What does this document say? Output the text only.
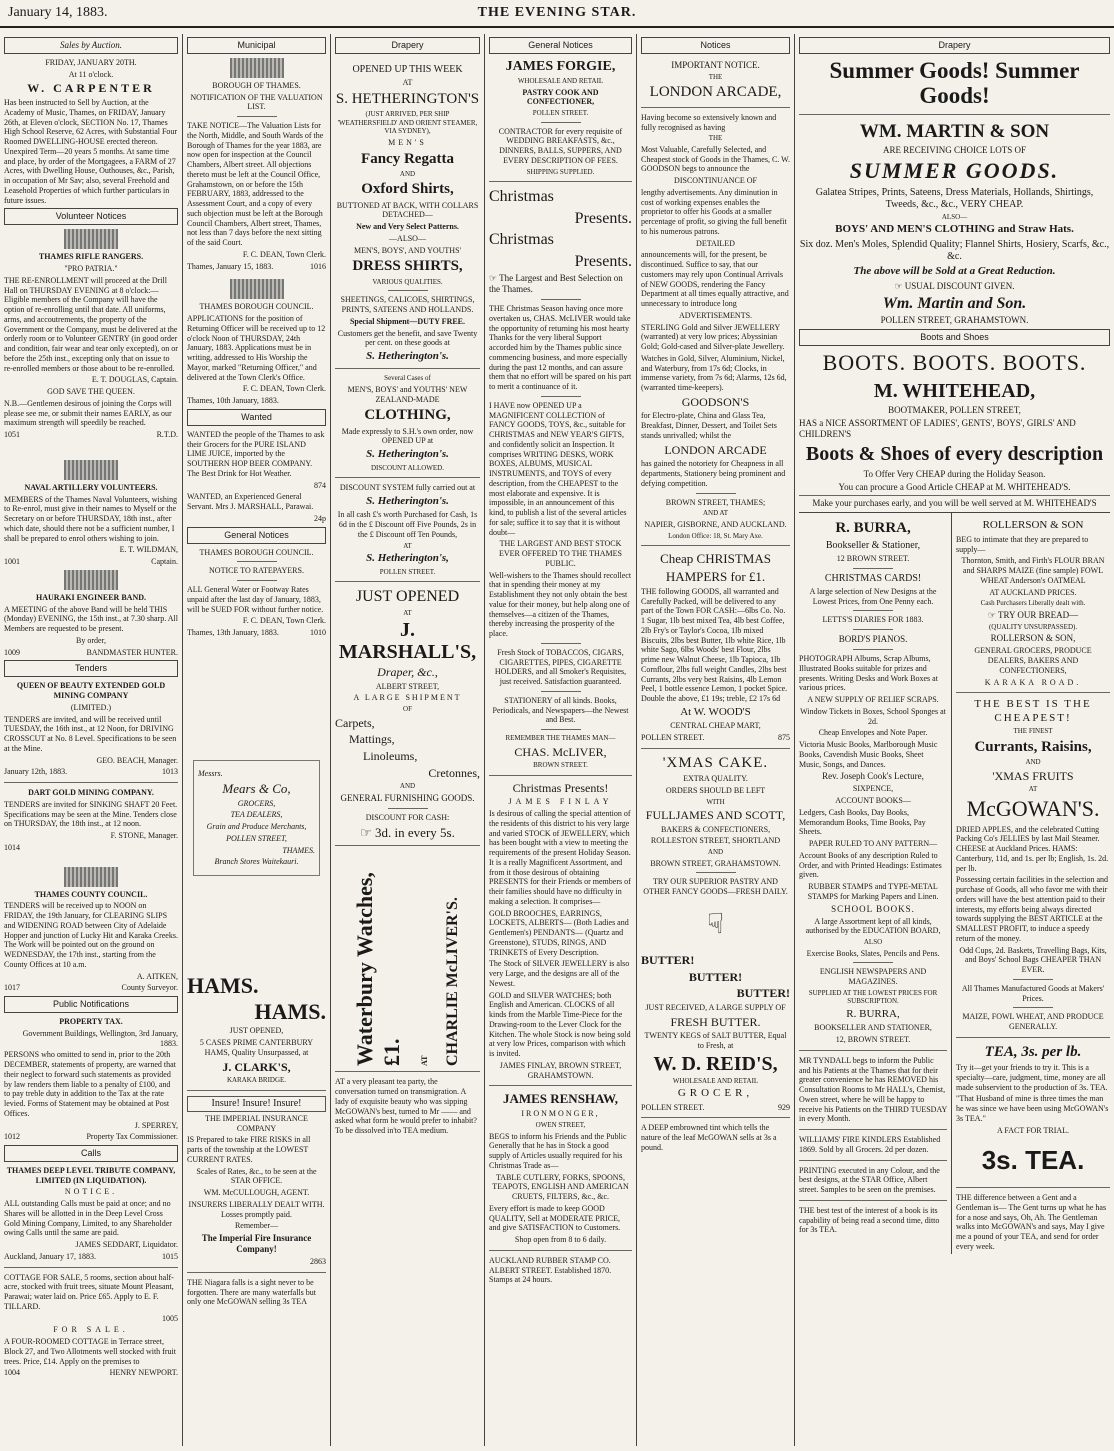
January 14, 1883.	THE EVENING STAR.
Sales by Auction.

FRIDAY, JANUARY 20TH.

At 11 o'clock.

W. CARPENTER

Has been instructed to Sell by Auction, at the Academy of Music, Thames, on FRIDAY, January 26th, at Eleven o'clock, SECTION No. 17, Thames High School Reserve, 62 Acres, with Substantial Four Roomed DWELLING-HOUSE erected thereon. Unexpired Term—20 years 5 months. At same time and place, by order of the Mortgagees, a FARM of 27 Acres, with Dwelling House, Outhouses, &c., Parish, in occupation of Mr Sav; also, several Freehold and Leasehold Properties of which further particulars in future issues.

Volunteer Notices

THAMES RIFLE RANGERS.

"PRO PATRIA."

THE RE-ENROLLMENT will proceed at the Drill Hall on THURSDAY EVENING at 8 o'clock:— Eligible members of the Company will have the option of re-enrolling until that date. All uniforms, arms, and accoutrements, the property of the Government or the Company, must be delivered at the orderly room or to Volunteer GENTRY (in good order and condition, fair wear and tear only excepted), on or before the 25th inst., excepting only that on issue to re-enrolled members or those about to be re-enrolled.

E. T. DOUGLAS, Captain.

GOD SAVE THE QUEEN.

N.B.—Gentlemen desirous of joining the Corps will please see me, or submit their names EARLY, as our maximum strength will speedily be reached.

1051	R.T.D.

NAVAL ARTILLERY VOLUNTEERS.

MEMBERS of the Thames Naval Volunteers, wishing to Re-enrol, must give in their names to Myself or the Secretary on or before THURSDAY, 18th inst., after which date, should there not be a sufficient number, I shall be prepared to enrol others wishing to join.

E. T. WILDMAN,

1001	Captain.

HAURAKI ENGINEER BAND.

A MEETING of the above Band will be held THIS (Monday) EVENING, the 15th inst., at 7.30 sharp. All Members are requested to be present.

By order,

1009	BANDMASTER HUNTER.

Tenders

QUEEN OF BEAUTY EXTENDED GOLD MINING COMPANY

(LIMITED.)

TENDERS are invited, and will be received until TUESDAY, the 16th inst., at 12 Noon, for DRIVING CROSSCUT at No. 8 Level. Specifications to be seen at the Mine.

GEO. BEACH, Manager.

January 12th, 1883.	1013

DART GOLD MINING COMPANY.

TENDERS are invited for SINKING SHAFT 20 Feet. Specifications may be seen at the Mine. Tenders close on THURSDAY, the 18th inst., at 12 noon.

F. STONE, Manager.

1014

THAMES COUNTY COUNCIL.

TENDERS will be received up to NOON on FRIDAY, the 19th January, for CLEARING SLIPS and WIDENING ROAD between City of Adelaide Hopper and junction of Lucky Hit and Karaka Creeks. The Work will be pointed out on the ground on WEDNESDAY, the 17th inst., starting from the County Offices at 10 a.m.

A. AITKEN,

1017	County Surveyor.

Public Notifications

PROPERTY TAX.

Government Buildings, Wellington, 3rd January, 1883.

PERSONS who omitted to send in, prior to the 20th DECEMBER, statements of property, are warned that their neglect to forward such statements as provided by law renders them liable to a penalty of £100, and to pay treble duty in addition to the Tax at the rate levied. Forms of Statement may be obtained at Post Offices.

J. SPERREY,

1012	Property Tax Commissioner.

Calls

THAMES DEEP LEVEL TRIBUTE COMPANY, LIMITED (IN LIQUIDATION).

NOTICE.

ALL outstanding Calls must be paid at once; and no Shares will be allotted in in the Deep Level Cross Gold Mining Company, Limited, to any Shareholder owing Calls until the same are paid.

JAMES SEDDART, Liquidator.

Auckland, January 17, 1883.	1015

COTTAGE FOR SALE, 5 rooms, section about half-acre, stocked with fruit trees, situate Mount Pleasant, Parawai; water laid on. Price £65. Apply to E. F. TILLARD.

1005

FOR SALE.

A FOUR-ROOMED COTTAGE in Terrace street, Block 27, and Two Allotments well stocked with fruit trees. Price, £14. Apply on the premises to

1004	HENRY NEWPORT.

Municipal

BOROUGH OF THAMES.

NOTIFICATION OF THE VALUATION LIST.

TAKE NOTICE—The Valuation Lists for the North, Middle, and South Wards of the Borough of Thames for the year 1883, are now open for inspection at the Council Chambers, Albert street. All objections thereto must be left at the Council Office, Grahamstown, on or before the 15th FEBRUARY, 1883, addressed to the Assessment Court, and a copy of every such objection must be left at the Borough Council Chambers, Albert street, Thames, not less than 7 days before the next sitting of the said Court.

F. C. DEAN, Town Clerk.

Thames, January 15, 1883.	1016

THAMES BOROUGH COUNCIL.

APPLICATIONS for the position of Returning Officer will be received up to 12 o'clock Noon of THURSDAY, 24th January, 1883. Applications must be in writing, addressed to His Worship the Mayor, marked "Returning Officer," and delivered at the Town Clerk's Office.

F. C. DEAN, Town Clerk.

Thames, 10th January, 1883.

Wanted

WANTED the people of the Thames to ask their Grocers for the PURE ISLAND LIME JUICE, imported by the SOUTHERN HOP BEER COMPANY. The Best Drink for Hot Weather.

874

WANTED, an Experienced General Servant. Mrs J. MARSHALL, Parawai.

24p

General Notices

THAMES BOROUGH COUNCIL.

NOTICE TO RATEPAYERS.

ALL General Water or Footway Rates unpaid after the last day of January, 1883, will be SUED FOR without further notice.

F. C. DEAN, Town Clerk.

Thames, 13th January, 1883.	1010

Messrs.

Mears & Co,

GROCERS,

TEA DEALERS,

Grain and Produce Merchants,

POLLEN STREET,

THAMES.

Branch Stores Waitekauri.

HAMS.

HAMS.

JUST OPENED,

5 CASES PRIME CANTERBURY HAMS, Quality Unsurpassed, at

J. CLARK'S,

KARAKA BRIDGE.

Insure! Insure! Insure!

THE IMPERIAL INSURANCE COMPANY

IS Prepared to take FIRE RISKS in all parts of the township at the LOWEST CURRENT RATES.

Scales of Rates, &c., to be seen at the STAR OFFICE.

WM. McCULLOUGH, AGENT.

INSURERS LIBERALLY DEALT WITH. Losses promptly paid.

Remember—

The Imperial Fire Insurance Company!

2863

THE Niagara falls is a sight never to be forgotten. There are many waterfalls but only one McGOWAN selling 3s TEA

Drapery

OPENED UP THIS WEEK

AT

S. HETHERINGTON'S

(JUST ARRIVED, PER SHIP 'WEATHERSFIELD' AND ORIENT STEAMER, VIA SYDNEY),

MEN'S

Fancy Regatta

AND

Oxford Shirts,

BUTTONED AT BACK, WITH COLLARS DETACHED—

New and Very Select Patterns.

—ALSO—

MEN'S, BOYS', AND YOUTHS'

DRESS SHIRTS,

VARIOUS QUALITIES.

SHEETINGS, CALICOES, SHIRTINGS, PRINTS, SATEENS AND HOLLANDS.

Special Shipment—DUTY FREE.

Customers get the benefit, and save Twenty per cent. on these goods at

S. Hetherington's.

Several Cases of

MEN'S, BOYS' and YOUTHS' NEW ZEALAND-MADE

CLOTHING,

Made expressly to S.H.'s own order, now OPENED UP at

S. Hetherington's.

DISCOUNT ALLOWED.

DISCOUNT SYSTEM fully carried out at

S. Hetherington's.

In all cash £'s worth Purchased for Cash, 1s 6d in the £ Discount off Five Pounds, 2s in the £ Discount off Ten Pounds,

AT

S. Hetherington's,

POLLEN STREET.

JUST OPENED

AT

J. MARSHALL'S,

Draper, &c.,

ALBERT STREET,

A LARGE SHIPMENT

OF

Carpets,

Mattings,

Linoleums,

Cretonnes,

AND

GENERAL FURNISHING GOODS.

DISCOUNT FOR CASH:

☞ 3d. in every 5s.

Waterbury Watches, £1. AT CHARLIE McLIVER'S.

AT a very pleasant tea party, the conversation turned on transmigration. A lady of exquisite beauty who was sipping McGOWAN's best, turned to Mr —— and asked what form he would prefer to inhabit? To be dissolved in'to TEA medium.

General Notices

JAMES FORGIE,

WHOLESALE AND RETAIL

PASTRY COOK AND CONFECTIONER,

POLLEN STREET.

CONTRACTOR for every requisite of WEDDING BREAKFASTS, &c., DINNERS, BALLS, SUPPERS, AND EVERY DESCRIPTION OF FEES.

SHIPPING SUPPLIED.

Christmas

Presents.

Christmas

Presents.

☞ The Largest and Best Selection on the Thames.

THE Christmas Season having once more overtaken us, CHAS. McLIVER would take the opportunity of returning his most hearty Thanks for the very liberal Support accorded him by the Thames public since commencing business, and more especially during the past 12 months, and can assure them that no effort will be spared on his part to merit a continuance of it.

I HAVE now OPENED UP a MAGNIFICENT COLLECTION of FANCY GOODS, TOYS, &c., suitable for CHRISTMAS and NEW YEAR'S GIFTS, and confidently solicit an Inspection. It comprises WRITING DESKS, WORK BOXES, ALBUMS, MUSICAL INSTRUMENTS, and TOYS of every description, from the CHEAPEST to the most elaborate and expensive. It is impossible, in an announcement of this kind, to publish a list of the several articles for sale; suffice it to say that it is without doubt—

THE LARGEST AND BEST STOCK EVER OFFERED TO THE THAMES PUBLIC.

Well-wishers to the Thames should recollect that in spending their money at my Establishment they not only obtain the best value for their money, but help along one of themselves—a citizen of the Thames, thereby increasing the prosperity of the place.

Fresh Stock of TOBACCOS, CIGARS, CIGARETTES, PIPES, CIGARETTE HOLDERS, and all Smoker's Requisites, just received. Satisfaction guaranteed.

STATIONERY of all kinds. Books, Periodicals, and Newspapers—the Newest and Best.

REMEMBER THE THAMES MAN—

CHAS. McLIVER,

BROWN STREET.

Christmas Presents!

JAMES FINLAY

Is desirous of calling the special attention of the residents of this district to his very large and varied STOCK of JEWELLERY, which has been bought with a view to meeting the requirements of the present Holiday Season. It is a really Magnificent Assortment, and from it those desirous of obtaining PRESENTS for their Friends or members of their families should have no difficulty in making a selection. It comprises—

GOLD BROOCHES, EARRINGS, LOCKETS, ALBERTS— (Both Ladies and Gentlemen's) PENDANTS— (Quartz and Greenstone), STUDS, RINGS, AND TRINKETS of Every Description.

The Stock of SILVER JEWELLERY is also very Large, and the designs are all of the Newest.

GOLD and SILVER WATCHES; both English and American. CLOCKS of all kinds from the Marble Time-Piece for the Drawing-room to the Lever Clock for the Kitchen. The whole Stock is now being sold at very low Prices, comparison with which is invited.

JAMES FINLAY, BROWN STREET, GRAHAMSTOWN.

JAMES RENSHAW,

IRONMONGER,

OWEN STREET,

BEGS to inform his Friends and the Public Generally that he has in Stock a good supply of Articles usually required for his Christmas Trade as—

TABLE CUTLERY, FORKS, SPOONS, TEAPOTS, ENGLISH AND AMERICAN CRUETS, FILTERS, &c., &c.

Every effort is made to keep GOOD QUALITY, Sell at MODERATE PRICE, and give SATISFACTION to Customers.

Shop open from 8 to 6 daily.

AUCKLAND RUBBER STAMP CO. ALBERT STREET. Established 1870. Stamps at 24 hours.

Notices

IMPORTANT NOTICE.

THE

LONDON ARCADE,

Having become so extensively known and fully recognised as having

THE

Most Valuable, Carefully Selected, and Cheapest stock of Goods in the Thames, C. W. GOODSON begs to announce the

DISCONTINUANCE OF

lengthy advertisements. Any diminution in cost of working expenses enables the proprietor to offer his Goods at a smaller percentage of profit, so giving the full benefit to his numerous patrons.

DETAILED

announcements will, for the present, be discontinued. Suffice to say, that our customers may rely upon Continual Arrivals of NEW GOODS, rendering the Fancy Department at all times equally attractive, and unnecessary to introduce long

ADVERTISEMENTS.

STERLING Gold and Silver JEWELLERY (warranted) at very low prices; Abyssinian Gold; Gold-cased and Silver-plate Jewellery.

Watches in Gold, Silver, Aluminium, Nickel, and Waterbury, from 17s 6d; Clocks, in immense variety, from 7s 6d; Alarms, 12s 6d, (warranted time-keepers).

GOODSON'S

for Electro-plate, China and Glass Tea, Breakfast, Dinner, Dessert, and Toilet Sets stands unrivalled; whilst the

LONDON ARCADE

has gained the notoriety for Cheapness in all departments, Stationery being prominent and defying competition.

BROWN STREET, THAMES;

AND AT

NAPIER, GISBORNE, AND AUCKLAND.

London Office: 18, St. Mary Axe.

Cheap CHRISTMAS

HAMPERS for £1.

THE following GOODS, all warranted and Carefully Packed, will be delivered to any part of the Town FOR CASH:—6lbs Co. No. 1 Sugar, 1lb best mixed Tea, 4lb best Coffee, 2lb Fry's or Taylor's Cocoa, 1lb mixed Biscuits, 2lbs best Butter, 1lb white Rice, 1lb white Sago, 6lbs Woods' best Flour, 2lbs prime new Walnut Cheese, 1lb Tapioca, 1lb Cornflour, 2lbs full weight Candles, 2lbs best Currants, 2lbs very best Raisins, 4lb Lemon Peel, 1 bottle essence Lemon, 1 pocket Spice. Double the above, £1 19s; treble, £2 17s 6d

At W. WOOD'S

CENTRAL CHEAP MART,

POLLEN STREET.	875

'XMAS CAKE.

EXTRA QUALITY.

ORDERS SHOULD BE LEFT

WITH

FULLJAMES AND SCOTT,

BAKERS & CONFECTIONERS,

ROLLESTON STREET, SHORTLAND

AND

BROWN STREET, GRAHAMSTOWN.

TRY OUR SUPERIOR PASTRY AND OTHER FANCY GOODS—FRESH DAILY.

☟

BUTTER!

BUTTER!

BUTTER!

JUST RECEIVED, A LARGE SUPPLY OF

FRESH BUTTER.

TWENTY KEGS of SALT BUTTER, Equal to Fresh, at

W. D. REID'S,

WHOLESALE AND RETAIL

GROCER,

POLLEN STREET.	929

A DEEP embrowned tint which tells the nature of the leaf McGOWAN sells at 3s a pound.

Drapery

Summer Goods! Summer Goods!

WM. MARTIN & SON

ARE RECEIVING CHOICE LOTS OF

SUMMER GOODS.

Galatea Stripes, Prints, Sateens, Dress Materials, Hollands, Shirtings, Tweeds, &c., &c., VERY CHEAP.

ALSO—

BOYS' AND MEN'S CLOTHING and Straw Hats.

Six doz. Men's Moles, Splendid Quality; Flannel Shirts, Hosiery, Scarfs, &c., &c.

The above will be Sold at a Great Reduction.

☞ USUAL DISCOUNT GIVEN.

Wm. Martin and Son.

POLLEN STREET, GRAHAMSTOWN.

Boots and Shoes

BOOTS. BOOTS. BOOTS.

M. WHITEHEAD,

BOOTMAKER, POLLEN STREET,

HAS a NICE ASSORTMENT OF LADIES', GENTS', BOYS', GIRLS' AND CHILDREN'S

Boots & Shoes of every description

To Offer Very CHEAP during the Holiday Season.

You can procure a Good Article CHEAP at M. WHITEHEAD'S.

Make your purchases early, and you will be well served at M. WHITEHEAD'S

R. BURRA,

Bookseller & Stationer,

12 BROWN STREET.

CHRISTMAS CARDS!

A large selection of New Designs at the Lowest Prices, from One Penny each.

LETTS'S DIARIES FOR 1883.

BORD'S PIANOS.

PHOTOGRAPH Albums, Scrap Albums, Illustrated Books suitable for prizes and presents. Writing Desks and Work Boxes at various prices.

A NEW SUPPLY OF RELIEF SCRAPS.

Window Tickets in Boxes, School Sponges at 2d.

Cheap Envelopes and Note Paper.

Victoria Music Books, Marlborough Music Books, Cavendish Music Books, Sheet Music, Songs, and Dances.

Rev. Joseph Cook's Lecture,

SIXPENCE,

ACCOUNT BOOKS—

Ledgers, Cash Books, Day Books, Memorandum Books, Time Books, Pay Sheets.

PAPER RULED TO ANY PATTERN—

Account Books of any description Ruled to Order, and with Printed Headings: Estimates given.

RUBBER STAMPS and TYPE-METAL STAMPS for Marking Papers and Linen.

SCHOOL BOOKS.

A large Assortment kept of all kinds, authorised by the EDUCATION BOARD,

ALSO

Exercise Books, Slates, Pencils and Pens.

ENGLISH NEWSPAPERS AND MAGAZINES.

SUPPLIED AT THE LOWEST PRICES FOR SUBSCRIPTION.

R. BURRA,

BOOKSELLER AND STATIONER,

12, BROWN STREET.

MR TYNDALL begs to inform the Public and his Patients at the Thames that for their greater convenience he has REMOVED his Consultation Rooms to Mr HALL's, Chemist, Owen street, where he will be happy to receive his Patients on the THIRD TUESDAY in every Month.

WILLIAMS' FIRE KINDLERS Established 1869. Sold by all Grocers. 2d per dozen.

PRINTING executed in any Colour, and the best designs, at the STAR Office, Albert street. Samples to be seen on the premises.

THE best test of the interest of a book is its capability of being read a second time, ditto for 3s TEA.

ROLLERSON & SON

BEG to intimate that they are prepared to supply—

Thornton, Smith, and Firth's FLOUR BRAN and SHARPS MAIZE (fine sample) FOWL WHEAT Anderson's OATMEAL

AT AUCKLAND PRICES.

Cash Purchasers Liberally dealt with.

☞ TRY OUR BREAD—

(QUALITY UNSURPASSED).

ROLLERSON & SON,

GENERAL GROCERS, PRODUCE DEALERS, BAKERS AND CONFECTIONERS,

KARAKA ROAD.

THE BEST IS THE CHEAPEST!

THE FINEST

Currants, Raisins,

AND

'XMAS FRUITS

AT

McGOWAN'S.

DRIED APPLES, and the celebrated Cutting Packing Co's JELLIES by last Mail Steamer. CHEESE at Auckland Prices. HAMS: Canterbury, 11d, and 1s. per lb; English, 1s. 2d. per lb.

Possessing certain facilities in the selection and purchase of Goods, all who favor me with their orders will have the best attention paid to their interests, my efforts being always directed towards supplying the BEST ARTICLE at the SMALLEST PROFIT, to induce a speedy return of the money.

Odd Cups, 2d. Baskets, Travelling Bags, Kits, and Boys' School Bags CHEAPER THAN EVER.

All Thames Manufactured Goods at Makers' Prices.

MAIZE, FOWL WHEAT, AND PRODUCE GENERALLY.

TEA, 3s. per lb.

Try it—get your friends to try it. This is a specialty—care, judgment, time, money are all made subservient to the production of 3s. TEA.

"That Husband of mine is three times the man he was since we have been using McGOWAN's 3s TEA."

A FACT FOR TRIAL.

3s. TEA.

THE difference between a Gent and a Gentleman is— The Gent turns up what he has for a nose and says, Oh, Ah. The Gentleman walks into McGOWAN's and says, May I give me a pound of your TEA, and send for order every week.
